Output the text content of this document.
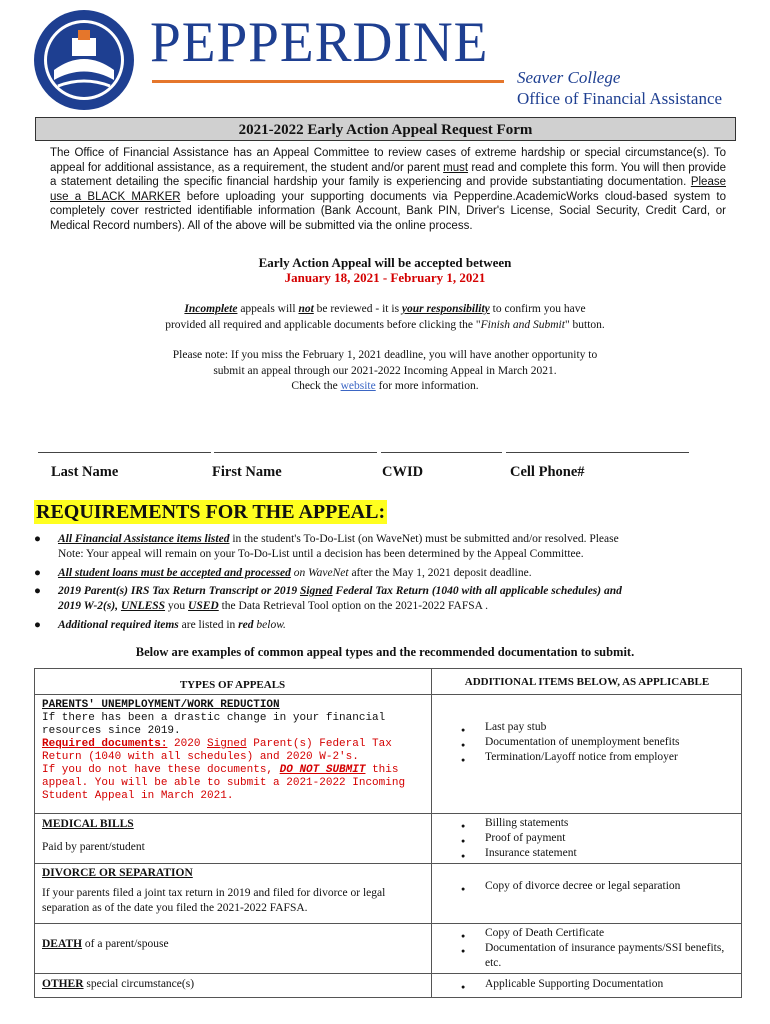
PEPPERDINE
Seaver College
Office of Financial Assistance
2021-2022 Early Action Appeal Request Form
The Office of Financial Assistance has an Appeal Committee to review cases of extreme hardship or special circumstance(s). To appeal for additional assistance, as a requirement, the student and/or parent must read and complete this form. You will then provide a statement detailing the specific financial hardship your family is experiencing and provide substantiating documentation. Please use a BLACK MARKER before uploading your supporting documents via Pepperdine.AcademicWorks cloud-based system to completely cover restricted identifiable information (Bank Account, Bank PIN, Driver's License, Social Security, Credit Card, or Medical Record numbers). All of the above will be submitted via the online process.
Early Action Appeal will be accepted between
January 18, 2021 - February 1, 2021
Incomplete appeals will not be reviewed - it is your responsibility to confirm you have
provided all required and applicable documents before clicking the "Finish and Submit" button.
Please note: If you miss the February 1, 2021 deadline, you will have another opportunity to
submit an appeal through our 2021-2022 Incoming Appeal in March 2021.
Check the website for more information.
Last Name	First Name	CWID	Cell Phone#
REQUIREMENTS FOR THE APPEAL:
● All Financial Assistance items listed in the student's To-Do-List (on WaveNet) must be submitted and/or resolved. Please
Note: Your appeal will remain on your To-Do-List until a decision has been determined by the Appeal Committee.
● All student loans must be accepted and processed on WaveNet after the May 1, 2021 deposit deadline.
● 2019 Parent(s) IRS Tax Return Transcript or 2019 Signed Federal Tax Return (1040 with all applicable schedules) and
2019 W-2(s), UNLESS you USED the Data Retrieval Tool option on the 2021-2022 FAFSA .
● Additional required items are listed in red below.
Below are examples of common appeal types and the recommended documentation to submit.
TYPES OF APPEALS	ADDITIONAL ITEMS BELOW, AS APPLICABLE
PARENTS' UNEMPLOYMENT/WORK REDUCTION
If there has been a drastic change in your financial resources since 2019.
Required documents: 2020 Signed Parent(s) Federal Tax Return (1040 with all schedules) and 2020 W-2's.
If you do not have these documents, DO NOT SUBMIT this appeal. You will be able to submit a 2021-2022 Incoming Student Appeal in March 2021.
● Last pay stub
● Documentation of unemployment benefits
● Termination/Layoff notice from employer
MEDICAL BILLS
Paid by parent/student
● Billing statements
● Proof of payment
● Insurance statement
DIVORCE OR SEPARATION
If your parents filed a joint tax return in 2019 and filed for divorce or legal separation as of the date you filed the 2021-2022 FAFSA.
● Copy of divorce decree or legal separation
DEATH of a parent/spouse
● Copy of Death Certificate
● Documentation of insurance payments/SSI benefits, etc.
OTHER special circumstance(s)
●	Applicable Supporting Documentation
